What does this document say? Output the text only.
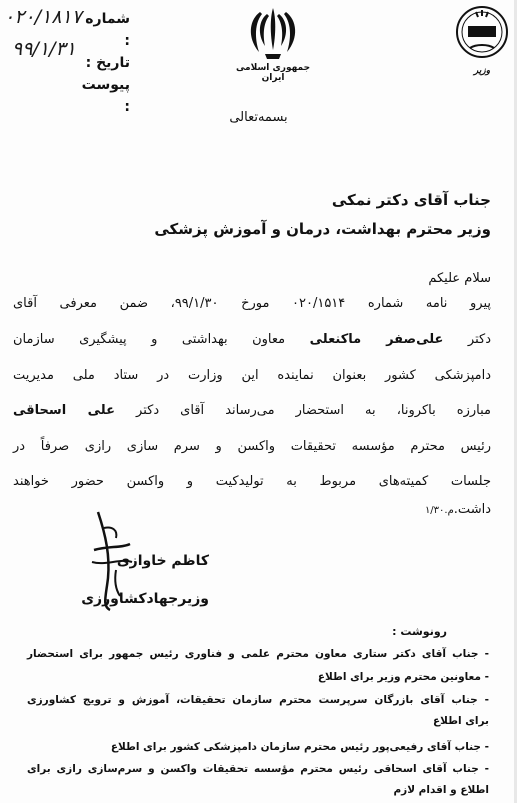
۰۲۰/۱۸۱۷
۹۹/۱/۳۱
شماره :
تاریخ :
پیوست :
جمهوری اسلامی ایران
وزیر
بسمه‌تعالی
جناب آقای دکتر نمکی
وزیر محترم بهداشت، درمان و آموزش پزشکی
سلام علیکم
پیرو نامه شماره ۰۲۰/۱۵۱۴ مورخ ۹۹/۱/۳۰، ضمن معرفی آقای
دکتر علی‌صفر ماکنعلی معاون بهداشتی و پیشگیری سازمان
دامپزشکی کشور بعنوان نماینده این وزارت در ستاد ملی مدیریت
مبارزه باکرونا، به استحضار می‌رساند آقای دکتر علی اسحاقی
رئیس محترم مؤسسه تحقیقات واکسن و سرم سازی رازی صرفاً در
جلسات کمیته‌های مربوط به تولیدکیت و واکسن حضور خواهند
داشت.م.۱/۳۰
کاظم خاوازی
وزیرجهادکشاورزی
رونوشت :
- جناب آقای دکتر ستاری معاون محترم علمی و فناوری رئیس جمهور برای استحضار
- معاونین محترم وزیر برای اطلاع
- جناب آقای بازرگان سرپرست محترم سازمان تحقیقات، آموزش و ترویج کشاورزی
برای اطلاع
- جناب آقای رفیعی‌پور رئیس محترم سازمان دامپزشکی کشور برای اطلاع
- جناب آقای اسحاقی رئیس محترم مؤسسه تحقیقات واکسن و سرم‌سازی رازی برای
اطلاع و اقدام لازم
